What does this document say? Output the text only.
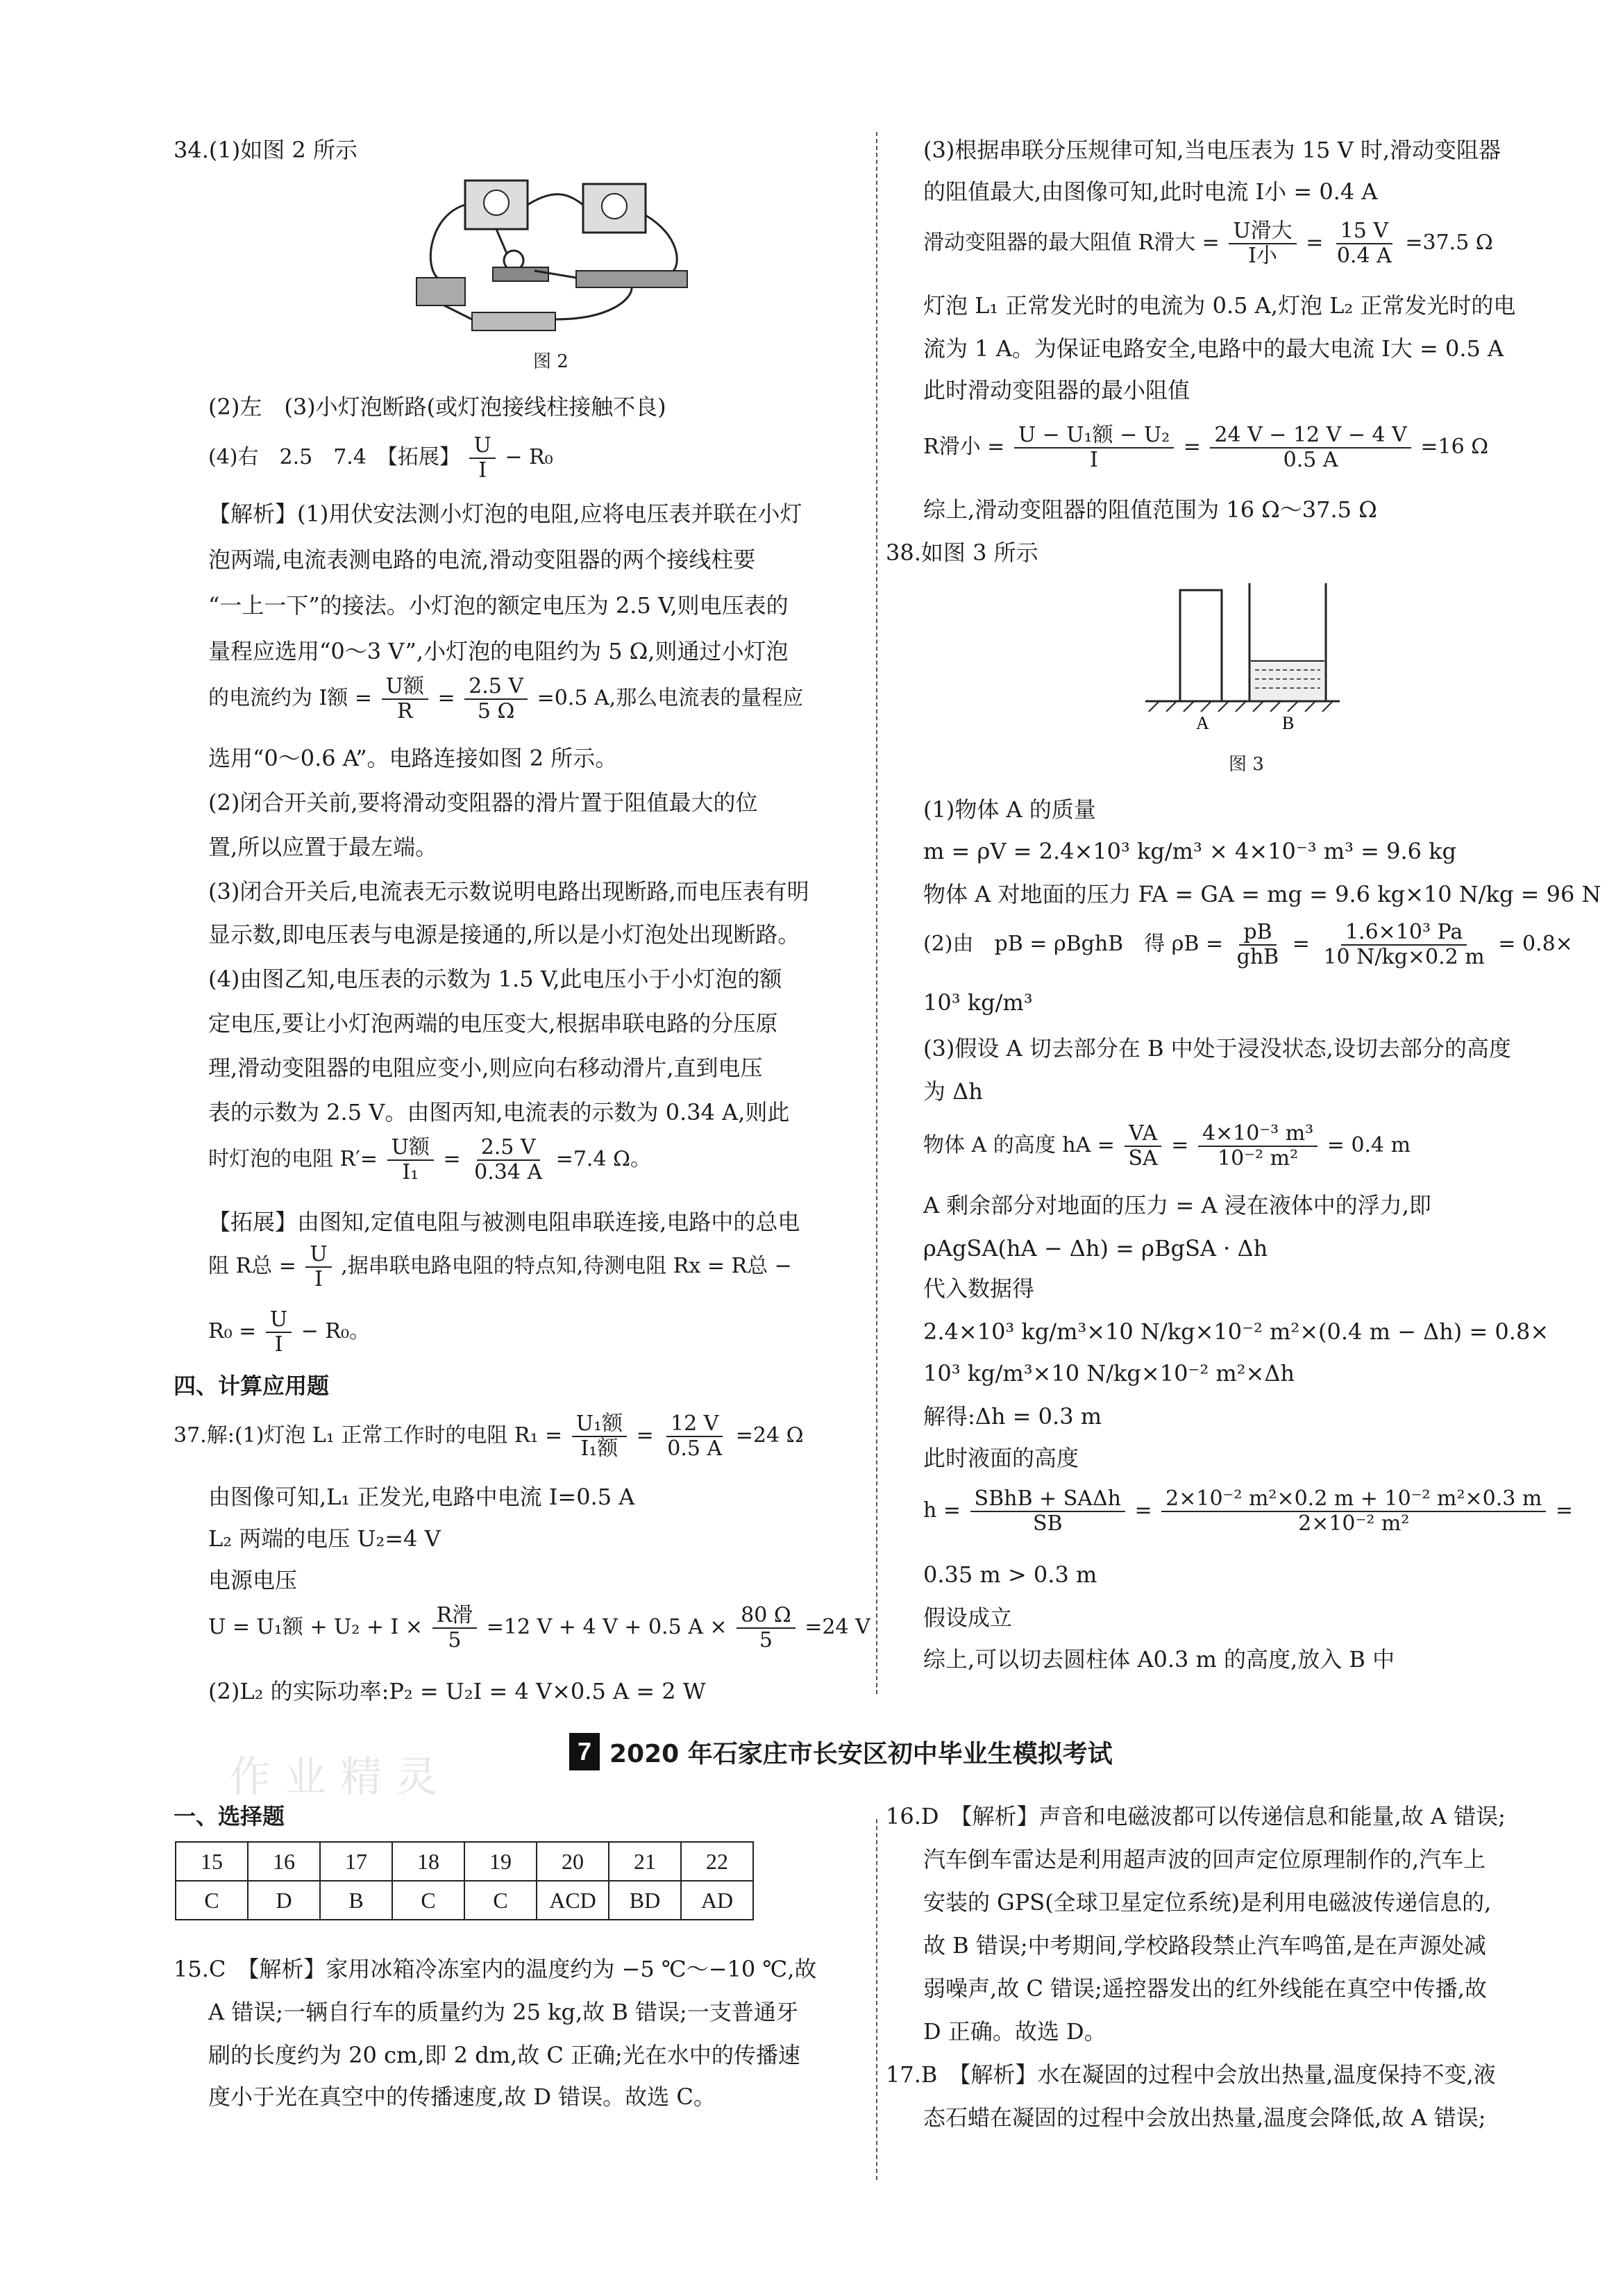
34.(1)如图 2 所示
图 2
(2)左　(3)小灯泡断路(或灯泡接线柱接触不良)
(4)右　2.5　7.4　【拓展】 $\frac{U}{I} - R_0$
【解析】(1)用伏安法测小灯泡的电阻,应将电压表并联在小灯
泡两端,电流表测电路的电流,滑动变阻器的两个接线柱要
“一上一下”的接法。小灯泡的额定电压为 2.5 V,则电压表的
量程应选用“0～3 V”,小灯泡的电阻约为 5 Ω,则通过小灯泡
的电流约为 I额 = U额
R
= $\frac{2.5 V}{5 \Omega} =0.5$ A,那么电流表的量程应
选用“0～0.6 A”。电路连接如图 2 所示。
(2)闭合开关前,要将滑动变阻器的滑片置于阻值最大的位
置,所以应置于最左端。
(3)闭合开关后,电流表无示数说明电路出现断路,而电压表有明
显示数,即电压表与电源是接通的,所以是小灯泡处出现断路。
(4)由图乙知,电压表的示数为 1.5 V,此电压小于小灯泡的额
定电压,要让小灯泡两端的电压变大,根据串联电路的分压原
理,滑动变阻器的电阻应变小,则应向右移动滑片,直到电压
表的示数为 2.5 V。由图丙知,电流表的示数为 0.34 A,则此
时灯泡的电阻 R′= U额
I₁
= $\frac{2.5 V}{0.34 A} =7.4$ Ω。
【拓展】由图知,定值电阻与被测电阻串联连接,电路中的总电
阻 R总 = $\frac{U}{I}$ ,据串联电路电阻的特点知,待测电阻 Rx = R总 −
$R_0 = \frac{U}{I} - R_0$。
四、计算应用题
37.解:(1)灯泡 L₁ 正常工作时的电阻 R₁ = U₁额
I₁额
= $\frac{12 V}{0.5 A} =24$ Ω
由图像可知,L₁ 正发光,电路中电流 I=0.5 A
L₂ 两端的电压 U₂=4 V
电源电压
U = U₁额 + U₂ + I × R滑
5
=12 V + 4 V + 0.5 $A \times \frac{80 \Omega}{5} =24$ V
(2)L₂ 的实际功率:P₂ = U₂I = 4 V×0.5 A = 2 W
(3)根据串联分压规律可知,当电压表为 15 V 时,滑动变阻器
的阻值最大,由图像可知,此时电流 I小 = 0.4 A
滑动变阻器的最大阻值 R滑大 = U滑大
I小
= $\frac{15 V}{0.4 A} =37.5$ Ω
灯泡 L₁ 正常发光时的电流为 0.5 A,灯泡 L₂ 正常发光时的电
流为 1 A。为保证电路安全,电路中的最大电流 I大 = 0.5 A
此时滑动变阻器的最小阻值
R滑小 = U − U₁额 − U₂
I
= $\frac{24 V - 12 V - 4 V}{0.5 A} =16$ Ω
综上,滑动变阻器的阻值范围为 16 Ω～37.5 Ω
38.如图 3 所示
A	B
图 3
(1)物体 A 的质量
m = ρV = 2.4×10³ kg/m³ × 4×10⁻³ m³ = 9.6 kg
物体 A 对地面的压力 FA = GA = mg = 9.6 kg×10 N/kg = 96 N
(2)由　pB = ρBghB　得 ρB = pB
ghB
= $\frac{\text{1.6×10³ Pa}}{10 N/kg\times 0.2 m} = 0.8\times$
10³ kg/m³
(3)假设 A 切去部分在 B 中处于浸没状态,设切去部分的高度
为 Δh
物体 A 的高度 hA = $\frac{VA}{SA} = \frac{\text{4×10⁻³ m³}}{\text{10⁻² m²}} = 0.4$ m
A 剩余部分对地面的压力 = A 浸在液体中的浮力,即
ρAgSA(hA − Δh) = ρBgSA · Δh
代入数据得
2.4×10³ kg/m³×10 N/kg×10⁻² m²×(0.4 m − Δh) = 0.8×
10³ kg/m³×10 N/kg×10⁻² m²×Δh
解得:Δh = 0.3 m
此时液面的高度
h = SBhB + SAΔh
SB
= $\frac{\text{2×10⁻² m²×0.2 m + 10⁻² m²×0.3 m}}{\text{2×10⁻² m²}}$ =
0.35 m > 0.3 m
假设成立
综上,可以切去圆柱体 A0.3 m 的高度,放入 B 中
作业精灵
7 2020 年石家庄市长安区初中毕业生模拟考试
一、选择题
15	16	17	18	19	20	21	22
C	D	B	C	C	ACD	BD	AD
15.C　【解析】家用冰箱冷冻室内的温度约为 −5 ℃～−10 ℃,故
A 错误;一辆自行车的质量约为 25 kg,故 B 错误;一支普通牙
刷的长度约为 20 cm,即 2 dm,故 C 正确;光在水中的传播速
度小于光在真空中的传播速度,故 D 错误。故选 C。
16.D　【解析】声音和电磁波都可以传递信息和能量,故 A 错误;
汽车倒车雷达是利用超声波的回声定位原理制作的,汽车上
安装的 GPS(全球卫星定位系统)是利用电磁波传递信息的,
故 B 错误;中考期间,学校路段禁止汽车鸣笛,是在声源处减
弱噪声,故 C 错误;遥控器发出的红外线能在真空中传播,故
D 正确。故选 D。
17.B　【解析】水在凝固的过程中会放出热量,温度保持不变,液
态石蜡在凝固的过程中会放出热量,温度会降低,故 A 错误;
